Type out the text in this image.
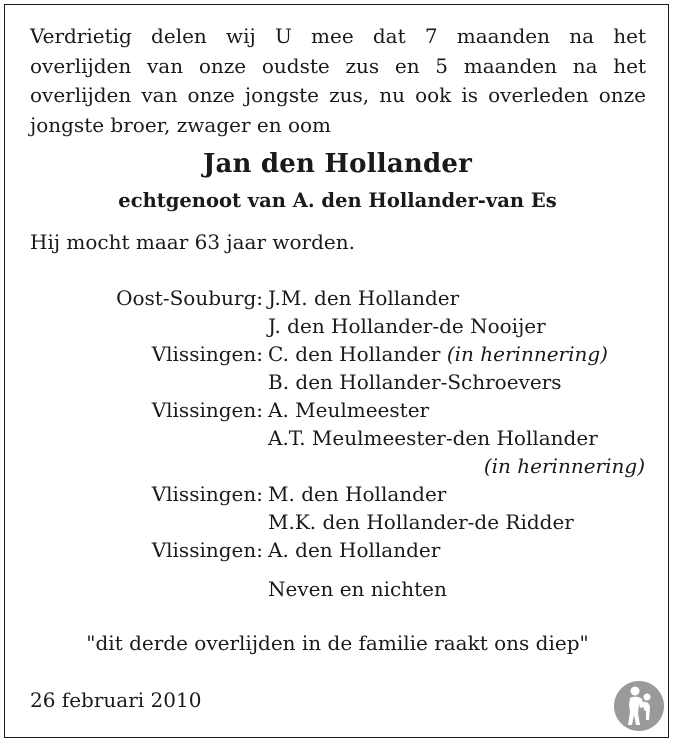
Verdrietig delen wij U mee dat 7 maanden na het
overlijden van onze oudste zus en 5 maanden na het
overlijden van onze jongste zus, nu ook is overleden onze
jongste broer, zwager en oom

Jan den Hollander
echtgenoot van A. den Hollander-van Es
Hij mocht maar 63 jaar worden.
Oost-Souburg: J.M. den Hollander
J. den Hollander-de Nooijer
Vlissingen: C. den Hollander (in herinnering)
B. den Hollander-Schroevers
Vlissingen: A. Meulmeester
A.T. Meulmeester-den Hollander
(in herinnering)
Vlissingen: M. den Hollander
M.K. den Hollander-de Ridder
Vlissingen: A. den Hollander
Neven en nichten
"dit derde overlijden in de familie raakt ons diep"
26 februari 2010
